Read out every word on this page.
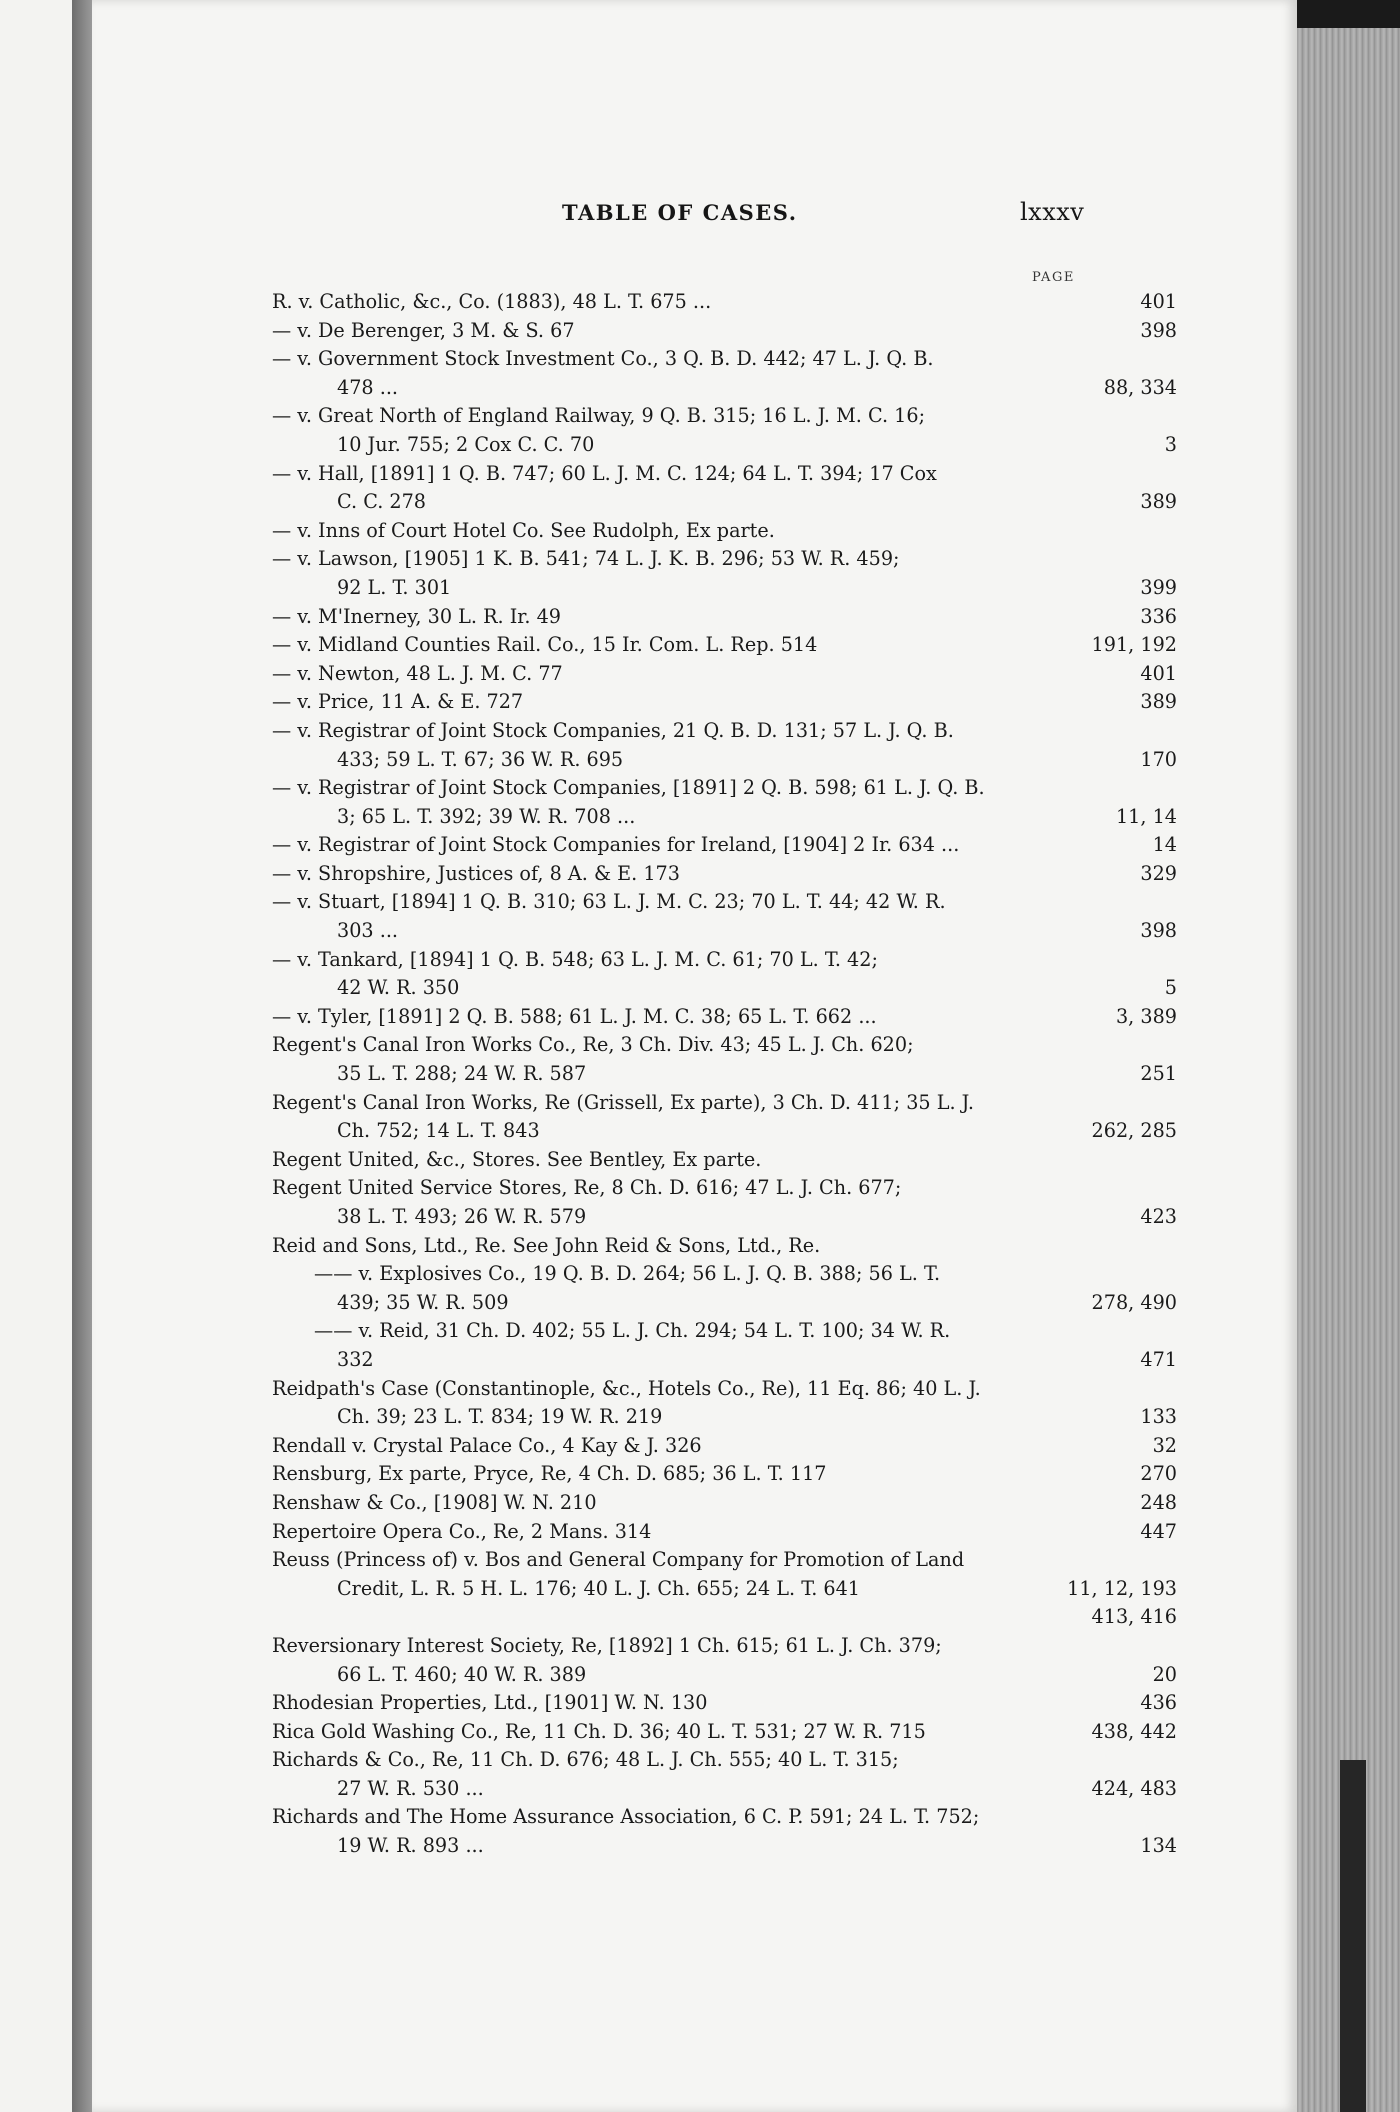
TABLE OF CASES.	lxxxv
PAGE
R. v. Catholic, &c., Co. (1883), 48 L. T. 675 ...	401
— v. De Berenger, 3 M. & S. 67	398
— v. Government Stock Investment Co., 3 Q. B. D. 442; 47 L. J. Q. B.
478 ...	88, 334
— v. Great North of England Railway, 9 Q. B. 315; 16 L. J. M. C. 16;
10 Jur. 755; 2 Cox C. C. 70	3
— v. Hall, [1891] 1 Q. B. 747; 60 L. J. M. C. 124; 64 L. T. 394; 17 Cox
C. C. 278	389
— v. Inns of Court Hotel Co. See Rudolph, Ex parte.
— v. Lawson, [1905] 1 K. B. 541; 74 L. J. K. B. 296; 53 W. R. 459;
92 L. T. 301	399
— v. M'Inerney, 30 L. R. Ir. 49	336
— v. Midland Counties Rail. Co., 15 Ir. Com. L. Rep. 514	191, 192
— v. Newton, 48 L. J. M. C. 77	401
— v. Price, 11 A. & E. 727	389
— v. Registrar of Joint Stock Companies, 21 Q. B. D. 131; 57 L. J. Q. B.
433; 59 L. T. 67; 36 W. R. 695	170
— v. Registrar of Joint Stock Companies, [1891] 2 Q. B. 598; 61 L. J. Q. B.
3; 65 L. T. 392; 39 W. R. 708 ...	11, 14
— v. Registrar of Joint Stock Companies for Ireland, [1904] 2 Ir. 634 ...	14
— v. Shropshire, Justices of, 8 A. & E. 173	329
— v. Stuart, [1894] 1 Q. B. 310; 63 L. J. M. C. 23; 70 L. T. 44; 42 W. R.
303 ...	398
— v. Tankard, [1894] 1 Q. B. 548; 63 L. J. M. C. 61; 70 L. T. 42;
42 W. R. 350	5
— v. Tyler, [1891] 2 Q. B. 588; 61 L. J. M. C. 38; 65 L. T. 662 ...	3, 389
Regent's Canal Iron Works Co., Re, 3 Ch. Div. 43; 45 L. J. Ch. 620;
35 L. T. 288; 24 W. R. 587	251
Regent's Canal Iron Works, Re (Grissell, Ex parte), 3 Ch. D. 411; 35 L. J.
Ch. 752; 14 L. T. 843	262, 285
Regent United, &c., Stores. See Bentley, Ex parte.
Regent United Service Stores, Re, 8 Ch. D. 616; 47 L. J. Ch. 677;
38 L. T. 493; 26 W. R. 579	423
Reid and Sons, Ltd., Re. See John Reid & Sons, Ltd., Re.
—— v. Explosives Co., 19 Q. B. D. 264; 56 L. J. Q. B. 388; 56 L. T.
439; 35 W. R. 509	278, 490
—— v. Reid, 31 Ch. D. 402; 55 L. J. Ch. 294; 54 L. T. 100; 34 W. R.
332	471
Reidpath's Case (Constantinople, &c., Hotels Co., Re), 11 Eq. 86; 40 L. J.
Ch. 39; 23 L. T. 834; 19 W. R. 219	133
Rendall v. Crystal Palace Co., 4 Kay & J. 326	32
Rensburg, Ex parte, Pryce, Re, 4 Ch. D. 685; 36 L. T. 117	270
Renshaw & Co., [1908] W. N. 210	248
Repertoire Opera Co., Re, 2 Mans. 314	447
Reuss (Princess of) v. Bos and General Company for Promotion of Land
Credit, L. R. 5 H. L. 176; 40 L. J. Ch. 655; 24 L. T. 641	11, 12, 193
413, 416
Reversionary Interest Society, Re, [1892] 1 Ch. 615; 61 L. J. Ch. 379;
66 L. T. 460; 40 W. R. 389	20
Rhodesian Properties, Ltd., [1901] W. N. 130	436
Rica Gold Washing Co., Re, 11 Ch. D. 36; 40 L. T. 531; 27 W. R. 715	438, 442
Richards & Co., Re, 11 Ch. D. 676; 48 L. J. Ch. 555; 40 L. T. 315;
27 W. R. 530 ...	424, 483
Richards and The Home Assurance Association, 6 C. P. 591; 24 L. T. 752;
19 W. R. 893 ...	134
